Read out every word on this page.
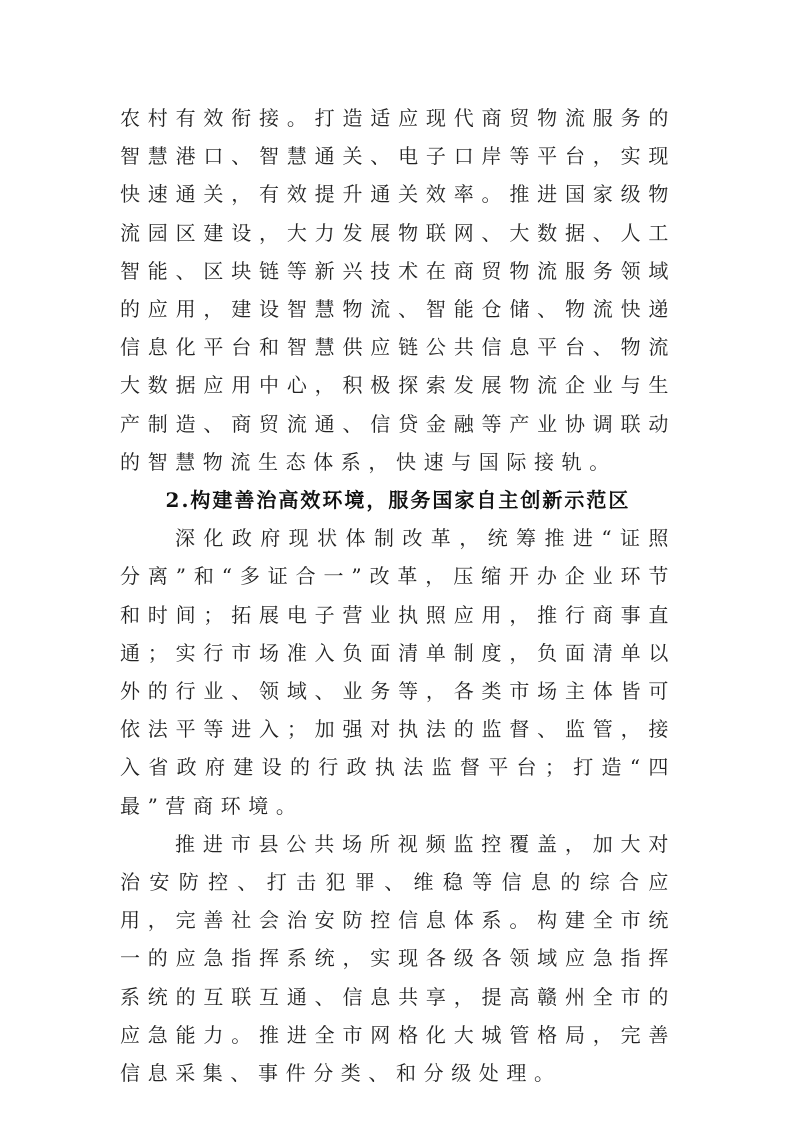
农村有效衔接。打造适应现代商贸物流服务的智慧港口、智慧通关、电子口岸等平台，实现快速通关，有效提升通关效率。推进国家级物流园区建设，大力发展物联网、大数据、人工智能、区块链等新兴技术在商贸物流服务领域的应用，建设智慧物流、智能仓储、物流快递信息化平台和智慧供应链公共信息平台、物流大数据应用中心，积极探索发展物流企业与生产制造、商贸流通、信贷金融等产业协调联动的智慧物流生态体系，快速与国际接轨。

2.构建善治高效环境，服务国家自主创新示范区

深化政府现状体制改革，统筹推进“证照分离”和“多证合一”改革，压缩开办企业环节和时间；拓展电子营业执照应用，推行商事直通；实行市场准入负面清单制度，负面清单以外的行业、领域、业务等，各类市场主体皆可依法平等进入；加强对执法的监督、监管，接入省政府建设的行政执法监督平台；打造“四最”营商环境。

推进市县公共场所视频监控覆盖，加大对治安防控、打击犯罪、维稳等信息的综合应用，完善社会治安防控信息体系。构建全市统一的应急指挥系统，实现各级各领域应急指挥系统的互联互通、信息共享，提高赣州全市的应急能力。推进全市网格化大城管格局，完善信息采集、事件分类、和分级处理。
